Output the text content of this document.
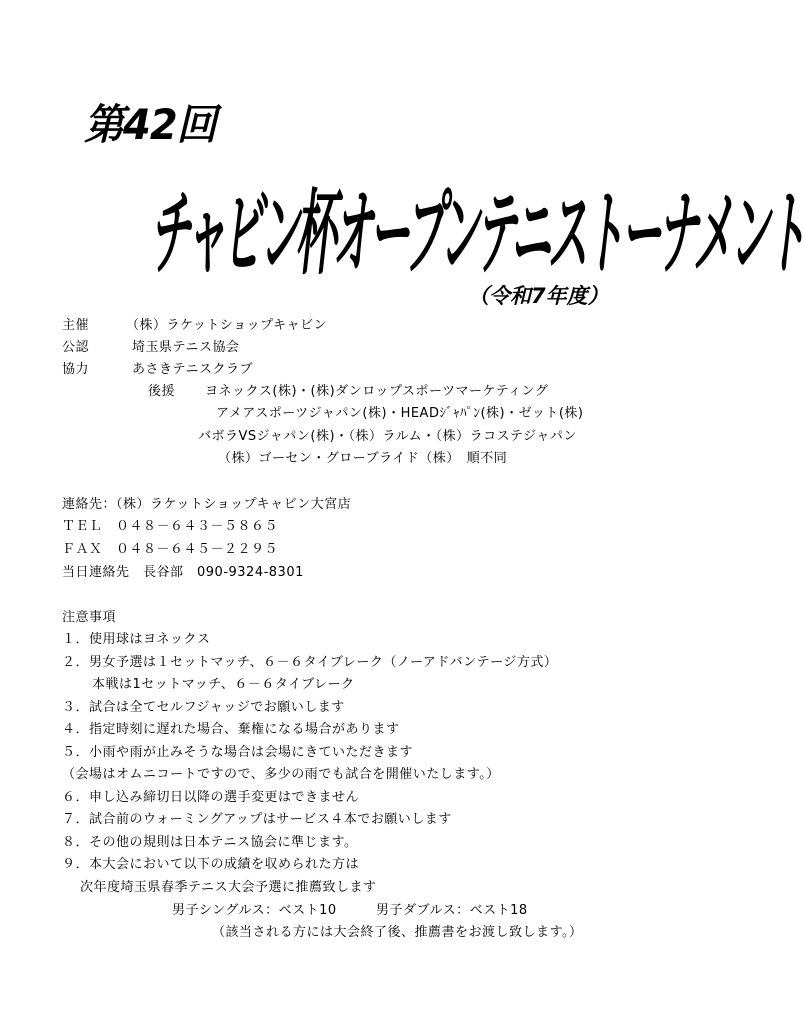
第42回
チャビン杯オープンテニストーナメント
（令和7年度）
主催	（株）ラケットショップキャビン
公認	埼玉県テニス協会
協力	あさきテニスクラブ
後援 ヨネックス(株)・(株)ダンロップスポーツマーケティング
アメアスポーツジャパン(株)・HEADｼﾞｬﾊﾟﾝ(株)・ゼット(株)
バボラVSジャパン(株)・（株）ラルム・（株）ラコステジャパン
（株）ゴーセン・グローブライド（株）　順不同
連絡先：（株）ラケットショップキャビン大宮店
ＴＥＬ　０４８－６４３－５８６５
ＦＡＸ　０４８－６４５－２２９５
当日連絡先　長谷部　090-9324-8301
注意事項
１．使用球はヨネックス
２．男女予選は１セットマッチ、６－６タイブレーク（ノーアドバンテージ方式）
本戦は1セットマッチ、６－６タイブレーク
３．試合は全てセルフジャッジでお願いします
４．指定時刻に遅れた場合、棄権になる場合があります
５．小雨や雨が止みそうな場合は会場にきていただきます
（会場はオムニコートですので、多少の雨でも試合を開催いたします。）
６．申し込み締切日以降の選手変更はできません
７．試合前のウォーミングアップはサービス４本でお願いします
８．その他の規則は日本テニス協会に準じます。
９．本大会において以下の成績を収められた方は
次年度埼玉県春季テニス大会予選に推薦致します
男子シングルス：ベスト10	男子ダブルス：ベスト18
（該当される方には大会終了後、推薦書をお渡し致します。）
